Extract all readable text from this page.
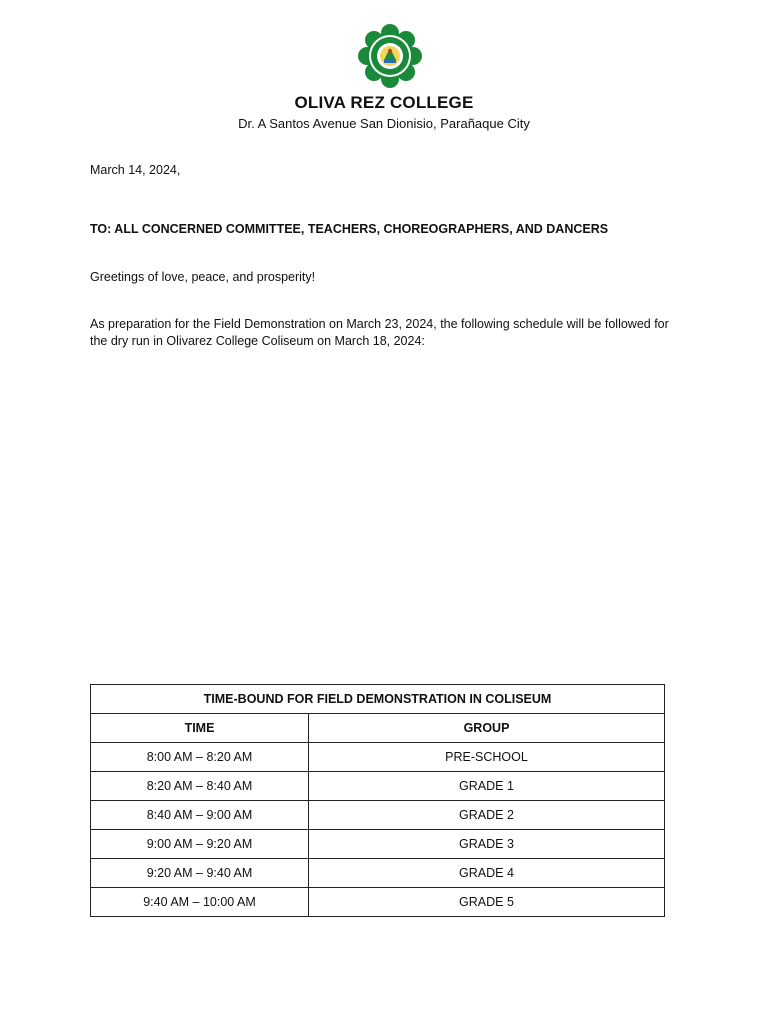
OLIVA REZ COLLEGE
Dr. A Santos Avenue San Dionisio, Parañaque City
March 14, 2024,
TO: ALL CONCERNED COMMITTEE, TEACHERS, CHOREOGRAPHERS, AND DANCERS
Greetings of love, peace, and prosperity!
As preparation for the Field Demonstration on March 23, 2024, the following schedule will be followed for the dry run in Olivarez College Coliseum on March 18, 2024:
TIME-BOUND FOR FIELD DEMONSTRATION IN COLISEUM	
TIME	GROUP
8:00 AM – 8:20 AM	PRE-SCHOOL
8:20 AM – 8:40 AM	GRADE 1
8:40 AM – 9:00 AM	GRADE 2
9:00 AM – 9:20 AM	GRADE 3
9:20 AM – 9:40 AM	GRADE 4
9:40 AM – 10:00 AM	GRADE 5
